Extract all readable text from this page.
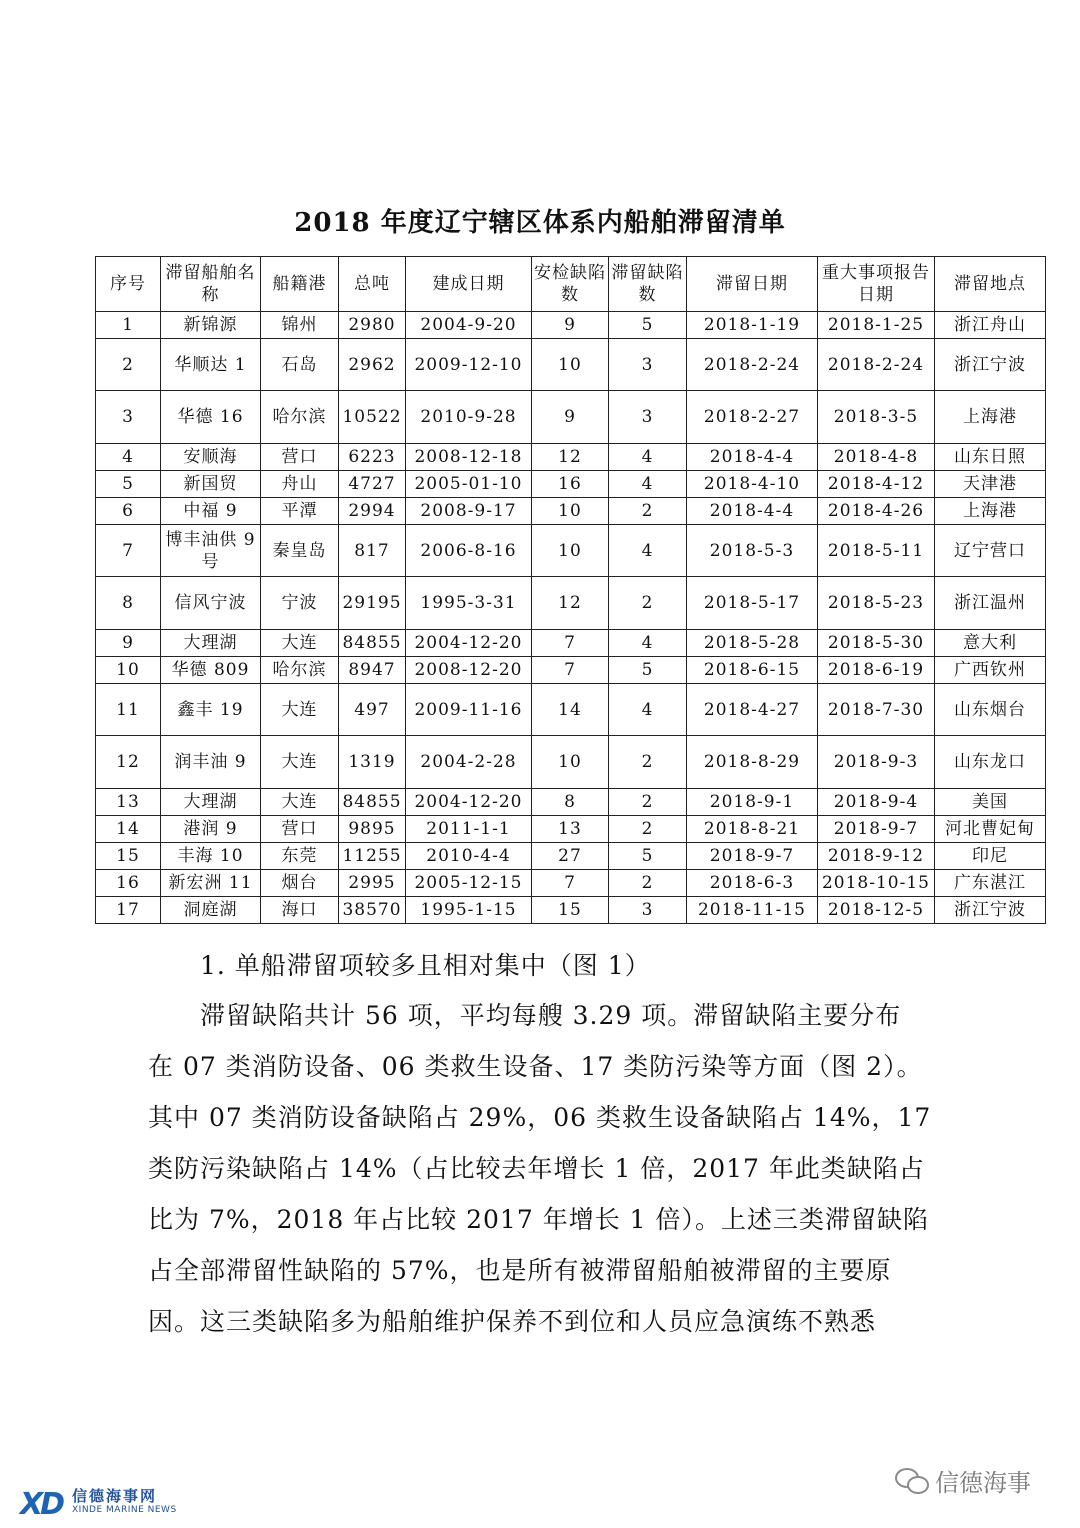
2018 年度辽宁辖区体系内船舶滞留清单
序号	滞留船舶名称	船籍港	总吨	建成日期	安检缺陷数	滞留缺陷数	滞留日期	重大事项报告日期	滞留地点
1	新锦源	锦州	2980	2004-9-20	9	5	2018-1-19	2018-1-25	浙江舟山
2	华顺达 1	石岛	2962	2009-12-10	10	3	2018-2-24	2018-2-24	浙江宁波
3	华德 16	哈尔滨	10522	2010-9-28	9	3	2018-2-27	2018-3-5	上海港
4	安顺海	营口	6223	2008-12-18	12	4	2018-4-4	2018-4-8	山东日照
5	新国贸	舟山	4727	2005-01-10	16	4	2018-4-10	2018-4-12	天津港
6	中福 9	平潭	2994	2008-9-17	10	2	2018-4-4	2018-4-26	上海港
7	博丰油供 9 号	秦皇岛	817	2006-8-16	10	4	2018-5-3	2018-5-11	辽宁营口
8	信风宁波	宁波	29195	1995-3-31	12	2	2018-5-17	2018-5-23	浙江温州
9	大理湖	大连	84855	2004-12-20	7	4	2018-5-28	2018-5-30	意大利
10	华德 809	哈尔滨	8947	2008-12-20	7	5	2018-6-15	2018-6-19	广西钦州
11	鑫丰 19	大连	497	2009-11-16	14	4	2018-4-27	2018-7-30	山东烟台
12	润丰油 9	大连	1319	2004-2-28	10	2	2018-8-29	2018-9-3	山东龙口
13	大理湖	大连	84855	2004-12-20	8	2	2018-9-1	2018-9-4	美国
14	港润 9	营口	9895	2011-1-1	13	2	2018-8-21	2018-9-7	河北曹妃甸
15	丰海 10	东莞	11255	2010-4-4	27	5	2018-9-7	2018-9-12	印尼
16	新宏洲 11	烟台	2995	2005-12-15	7	2	2018-6-3	2018-10-15	广东湛江
17	洞庭湖	海口	38570	1995-1-15	15	3	2018-11-15	2018-12-5	浙江宁波
1. 单船滞留项较多且相对集中（图 1）
滞留缺陷共计 56 项，平均每艘 3.29 项。滞留缺陷主要分布
在 07 类消防设备、06 类救生设备、17 类防污染等方面（图 2）。
其中 07 类消防设备缺陷占 29%，06 类救生设备缺陷占 14%，17
类防污染缺陷占 14%（占比较去年增长 1 倍，2017 年此类缺陷占
比为 7%，2018 年占比较 2017 年增长 1 倍）。上述三类滞留缺陷
占全部滞留性缺陷的 57%，也是所有被滞留船舶被滞留的主要原
因。这三类缺陷多为船舶维护保养不到位和人员应急演练不熟悉
XD 信德海事网
XINDE MARINE NEWS
信德海事
